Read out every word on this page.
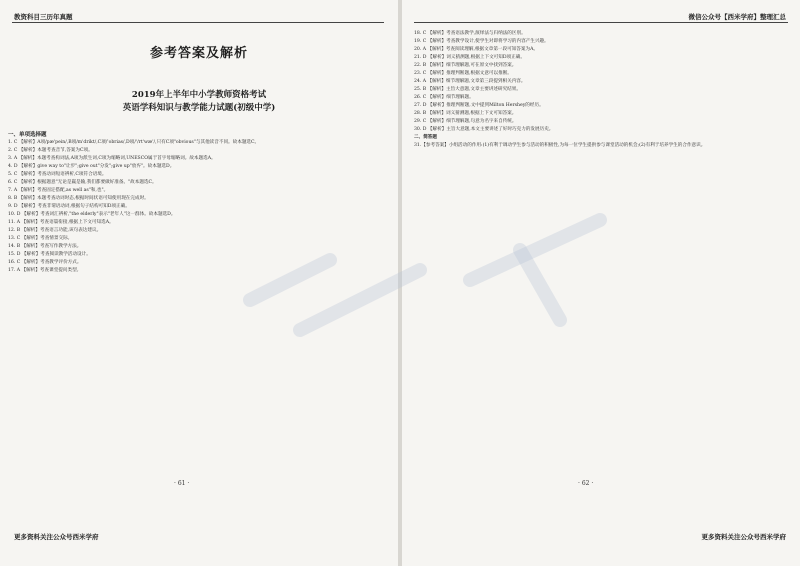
教资科目三历年真题
参考答案及解析
2019年上半年中小学教师资格考试
英语学科知识与教学能力试题(初级中学)
一、单项选择题

1. C 【解析】A项/pæ'pein/,B项/m'drikt/,C项/'obrias/,D项/'/rt'wæ'/,只有C项"obvious"与其他读音不同。故本题选C。

2. C 【解析】本题考查音节,答案为C项。

3. A 【解析】本题考查构词法,A项为派生词,C项为缩略词,UNESCO属于首字母缩略词。故本题选A。

4. D 【解析】give way to"让步";give out"分发";give up"放弃"。故本题选D。

5. C 【解析】考查动词短语辨析,C项符合语境。

6. C 【解析】根据题意"无论是赢是输,我们都要做好准备。"故本题选C。

7. A 【解析】考查固定搭配,as well as"和,也"。

8. B 【解析】本题考查动词时态,根据时间状语可知使用现在完成时。

9. D 【解析】考查非谓语动词,根据句子结构可知D项正确。

10. D 【解析】考查词汇辨析,"the elderly"表示"老年人"这一群体。故本题选D。

11. A 【解析】考查语篇衔接,根据上下文可知选A。

12. B 【解析】考查语言功能,该句表达建议。

13. C 【解析】考查情景交际。

14. B 【解析】考查写作教学方法。

15. D 【解析】考查阅读教学活动设计。

16. C 【解析】考查教学评价方式。

17. A 【解析】考查课堂提问类型。

· 61 ·
更多资料关注公众号西米学府
微信公众号【西米学府】整理汇总

18. C 【解析】考查语法教学,演绎法与归纳法的区别。

19. C 【解析】考查教学设计,使学生对即将学习的内容产生兴趣。

20. A 【解析】考查阅读理解,根据文章第一段可知答案为A。

21. D 【解析】词义猜测题,根据上下文可知D项正确。

22. B 【解析】细节理解题,可在原文中找到答案。

23. C 【解析】推理判断题,根据文意可以推断。

24. A 【解析】细节理解题,文章第三段提到相关内容。

25. B 【解析】主旨大意题,文章主要讲述研究结果。

26. C 【解析】细节理解题。

27. D 【解析】推理判断题,文中提到Milton Hershey的经历。

28. B 【解析】词义猜测题,根据上下文可知答案。

29. C 【解析】细节理解题,句意为名字来自传统。

30. D 【解析】主旨大意题,本文主要讲述了好时巧克力的发展历史。

二、简答题

31.【参考答案】小组活动的作用:(1)有利于调动学生参与活动的积极性,为每一位学生提供参与课堂活动的机会;(2)有利于培养学生的合作意识。

· 62 ·
更多资料关注公众号西米学府
